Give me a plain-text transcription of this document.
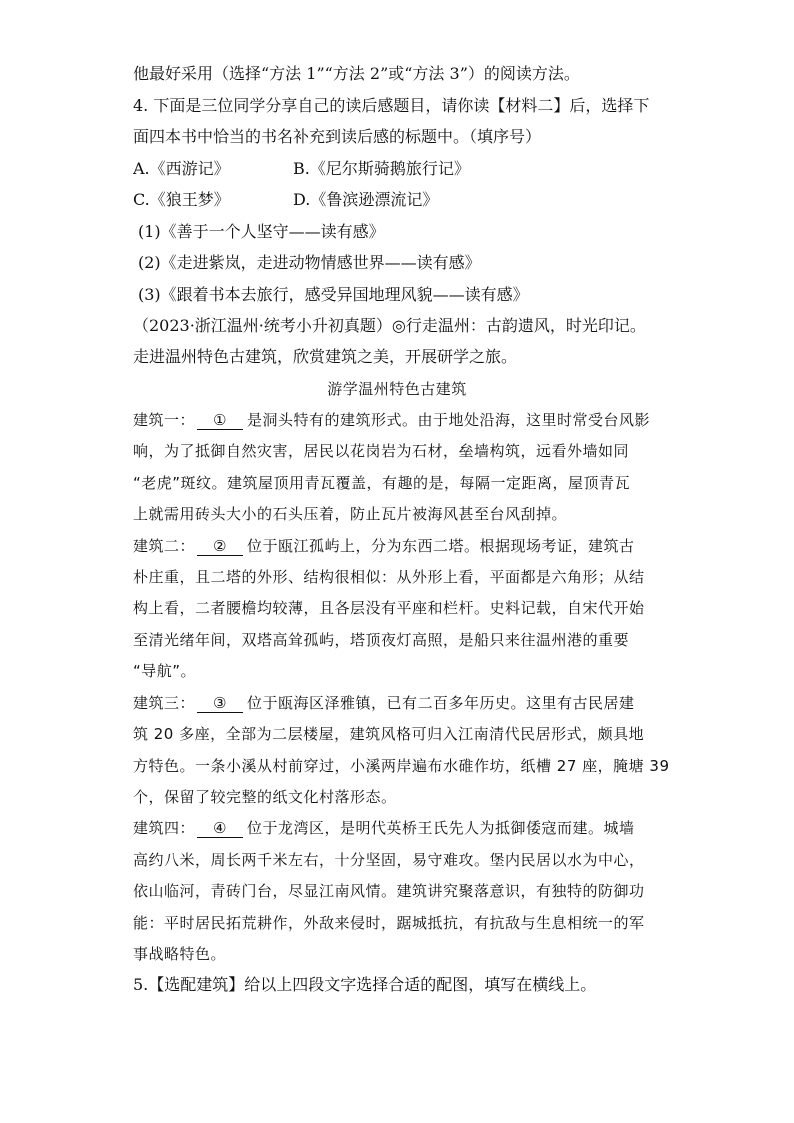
他最好采用（选择“方法 1”“方法 2”或“方法 3”）的阅读方法。
4. 下面是三位同学分享自己的读后感题目，请你读【材料二】后，选择下
面四本书中恰当的书名补充到读后感的标题中。（填序号）
A.《西游记》	B.《尼尔斯骑鹅旅行记》
C.《狼王梦》	D.《鲁滨逊漂流记》
(1)《善于一个人坚守——读有感》
(2)《走进紫岚，走进动物情感世界——读有感》
(3)《跟着书本去旅行，感受异国地理风貌——读有感》
（2023·浙江温州·统考小升初真题）◎行走温州：古韵遗风，时光印记。
走进温州特色古建筑，欣赏建筑之美，开展研学之旅。
游学温州特色古建筑
建筑一： ① 是洞头特有的建筑形式。由于地处沿海，这里时常受台风影
响，为了抵御自然灾害，居民以花岗岩为石材，垒墙构筑，远看外墙如同
“老虎”斑纹。建筑屋顶用青瓦覆盖，有趣的是，每隔一定距离，屋顶青瓦
上就需用砖头大小的石头压着，防止瓦片被海风甚至台风刮掉。
建筑二： ② 位于瓯江孤屿上，分为东西二塔。根据现场考证，建筑古
朴庄重，且二塔的外形、结构很相似：从外形上看，平面都是六角形；从结
构上看，二者腰檐均较薄，且各层没有平座和栏杆。史料记载，自宋代开始
至清光绪年间，双塔高耸孤屿，塔顶夜灯高照，是船只来往温州港的重要
“导航”。
建筑三： ③ 位于瓯海区泽雅镇，已有二百多年历史。这里有古民居建
筑 20 多座，全部为二层楼屋，建筑风格可归入江南清代民居形式，颇具地
方特色。一条小溪从村前穿过，小溪两岸遍布水碓作坊，纸槽 27 座，腌塘 39
个，保留了较完整的纸文化村落形态。
建筑四： ④ 位于龙湾区，是明代英桥王氏先人为抵御倭寇而建。城墙
高约八米，周长两千米左右，十分坚固，易守难攻。堡内民居以水为中心，
依山临河，青砖门台，尽显江南风情。建筑讲究聚落意识，有独特的防御功
能：平时居民拓荒耕作，外敌来侵时，踞城抵抗，有抗敌与生息相统一的军
事战略特色。
5.【选配建筑】给以上四段文字选择合适的配图，填写在横线上。
